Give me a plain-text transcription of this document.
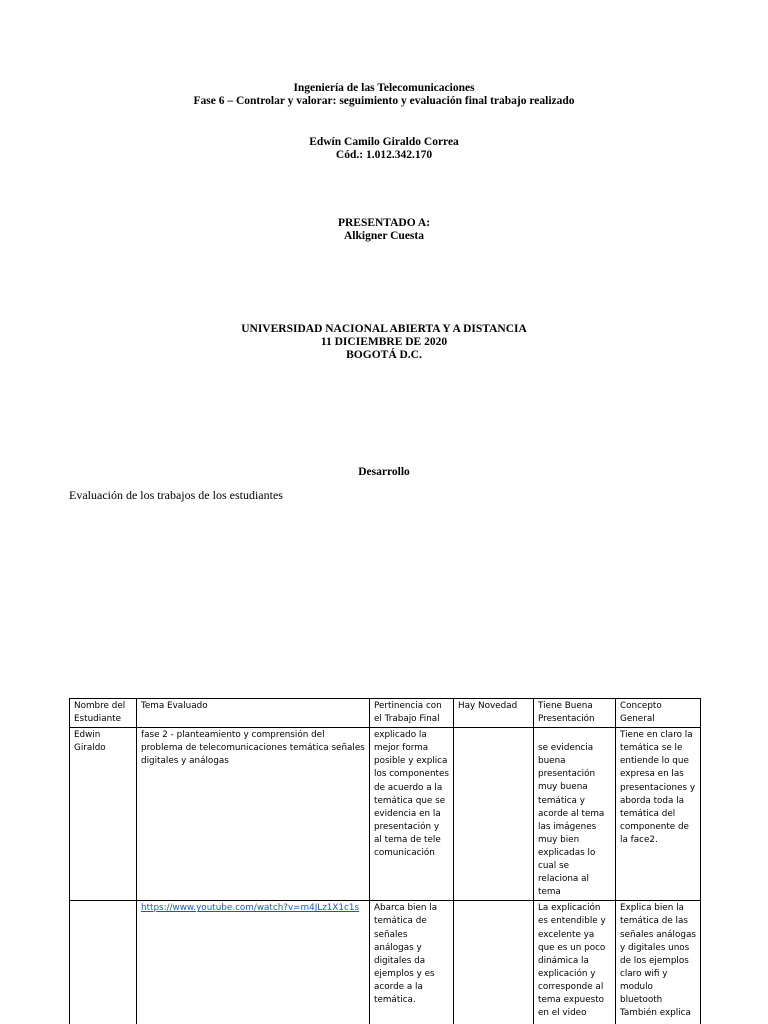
Ingeniería de las Telecomunicaciones
Fase 6 – Controlar y valorar: seguimiento y evaluación final trabajo realizado
Edwín Camilo Giraldo Correa
Cód.: 1.012.342.170
PRESENTADO A:
Alkigner Cuesta
UNIVERSIDAD NACIONAL ABIERTA Y A DISTANCIA
11 DICIEMBRE DE 2020
BOGOTÁ D.C.
Desarrollo
Evaluación de los trabajos de los estudiantes
Nombre del Estudiante	Tema Evaluado	Pertinencia con el Trabajo Final	Hay Novedad	Tiene Buena Presentación	Concepto General
Edwin Giraldo	fase 2 - planteamiento y comprensión del problema de telecomunicaciones temática señales digitales y análogas	explicado la mejor forma posible y explica los componentes de acuerdo a la temática que se evidencia en la presentación y al tema de tele comunicación		se evidencia buena presentación muy buena temática y acorde al tema las imágenes muy bien explicadas lo cual se relaciona al tema	Tiene en claro la temática se le entiende lo que expresa en las presentaciones y aborda toda la temática del componente de la face2.
	https://www.youtube.com/watch?v=m4JLz1X1c1s	Abarca bien la temática de señales análogas y digitales da ejemplos y es acorde a la temática.		La explicación es entendible y excelente ya que es un poco dinámica la explicación y corresponde al tema expuesto en el video	Explica bien la temática de las señales análogas y digitales unos de los ejemplos claro wifi y modulo bluetooth También explica
